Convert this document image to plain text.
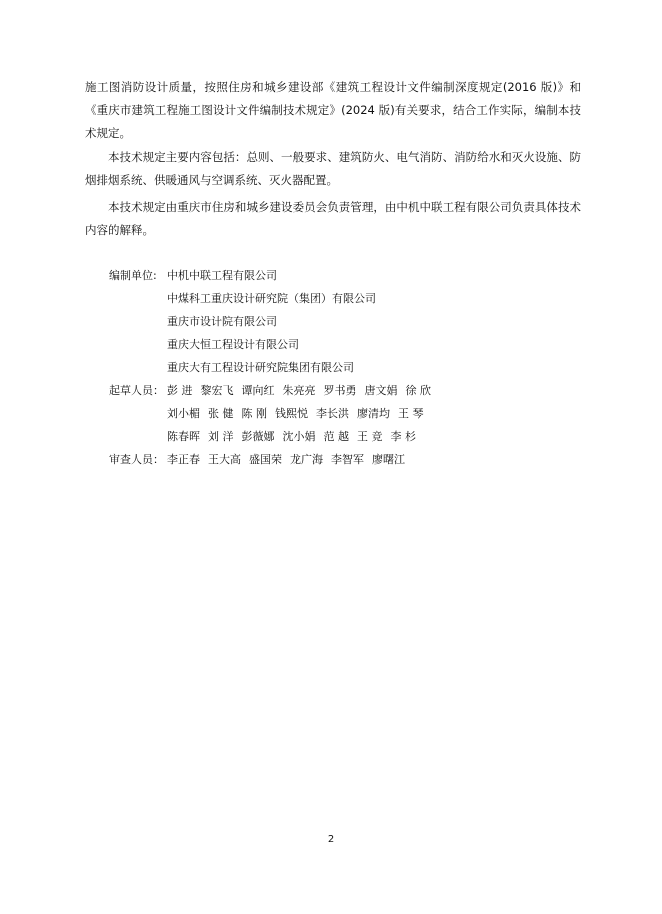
施工图消防设计质量，按照住房和城乡建设部《建筑工程设计文件编制深度规定(2016 版)》和《重庆市建筑工程施工图设计文件编制技术规定》(2024 版)有关要求，结合工作实际，编制本技术规定。

本技术规定主要内容包括：总则、一般要求、建筑防火、电气消防、消防给水和灭火设施、防烟排烟系统、供暖通风与空调系统、灭火器配置。

本技术规定由重庆市住房和城乡建设委员会负责管理，由中机中联工程有限公司负责具体技术内容的解释。

编制单位: 中机中联工程有限公司
中煤科工重庆设计研究院（集团）有限公司
重庆市设计院有限公司
重庆大恒工程设计有限公司
重庆大有工程设计研究院集团有限公司
起草人员： 彭 进 黎宏飞 谭向红 朱亮亮 罗书勇 唐文娟 徐 欣
刘小楣 张 健 陈 刚 钱熙悦 李长洪 廖清均 王 琴
陈春晖 刘 洋 彭薇娜 沈小娟 范 越 王 竞 李 杉
审查人员： 李正春 王大高 盛国荣 龙广海 李智军 廖曙江
2
